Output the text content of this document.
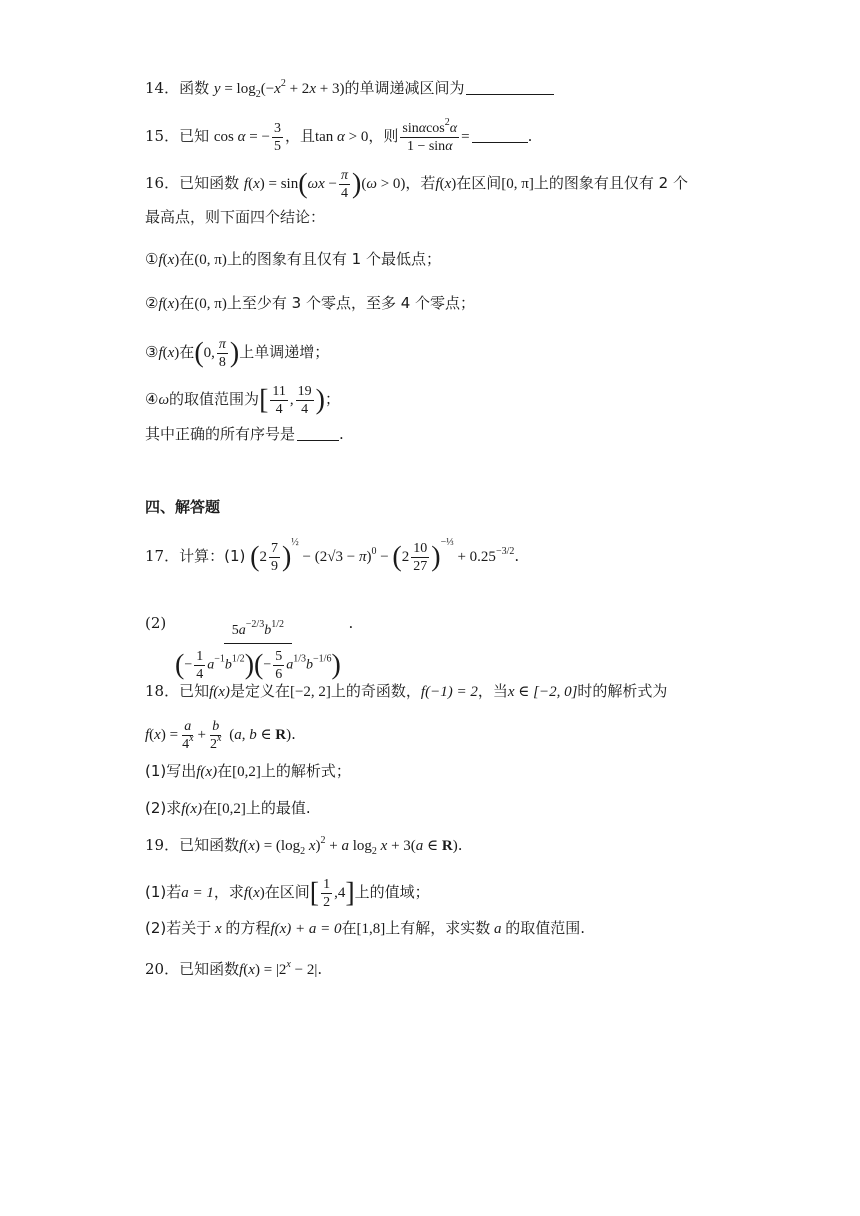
14．函数 $y = \log_2(-x^2 + 2x + 3)$的单调递减区间为
15．已知 cos α = − $\frac{3}{5}$ ，且tan α > 0，则 $\frac{\sin\alpha\cos^2\alpha}{1 - \sin\alpha}$ =	.
16．已知函数 $f(x) = \sin(\omega x - \frac{\pi}{4} )(\omega > 0)$，若f(x)在区间[0, π]上的图象有且仅有 2 个
最高点，则下面四个结论：
①f(x)在(0, π)上的图象有且仅有 1 个最低点；
②f(x)在(0, π)上至少有 3 个零点，至多 4 个零点；
③f(x)在(0, $\frac{\pi}{8}$ )上单调递增；
④ω的取值范围为[ $\frac{11}{4}$ , $\frac{19}{4}$ )；
其中正确的所有序号是	.
四、解答题
17．计算：(1) $(2 \frac{7}{9} )^{\frac{1}{2}} - (2√3 - \pi)^0 - (2 \frac{10}{27} )^{-\frac{1}{3}} + 0.25^{-3/2}$.
$(2) \frac{5a^{-2/3}b^{1/2}}{(- \frac{1}{4} a^{-1}b^{1/2})(- \frac{5}{6} a^{1/3}b^{-1/6})}$ .
18．已知f(x)是定义在[−2, 2]上的奇函数，f(−1) = 2，当x ∈ [−2, 0]时的解析式为
$f(x) = \frac{a}{4^x} + \frac{b}{2^x} (a$, b ∈ R).
(1)写出f(x)在[0,2]上的解析式；
(2)求f(x)在[0,2]上的最值.
19．已知函数$f(x) = (\log_2$ x)$^2$ + a $\log_2 x + 3(a$ ∈ R).
(1)若a = 1，求f(x)在区间[ $\frac{1}{2} ,4$]上的值域；
(2)若关于 x 的方程f(x) + a = 0在[1,8]上有解，求实数 a 的取值范围.
20．已知函数$f(x) = |2^x - 2|$.
